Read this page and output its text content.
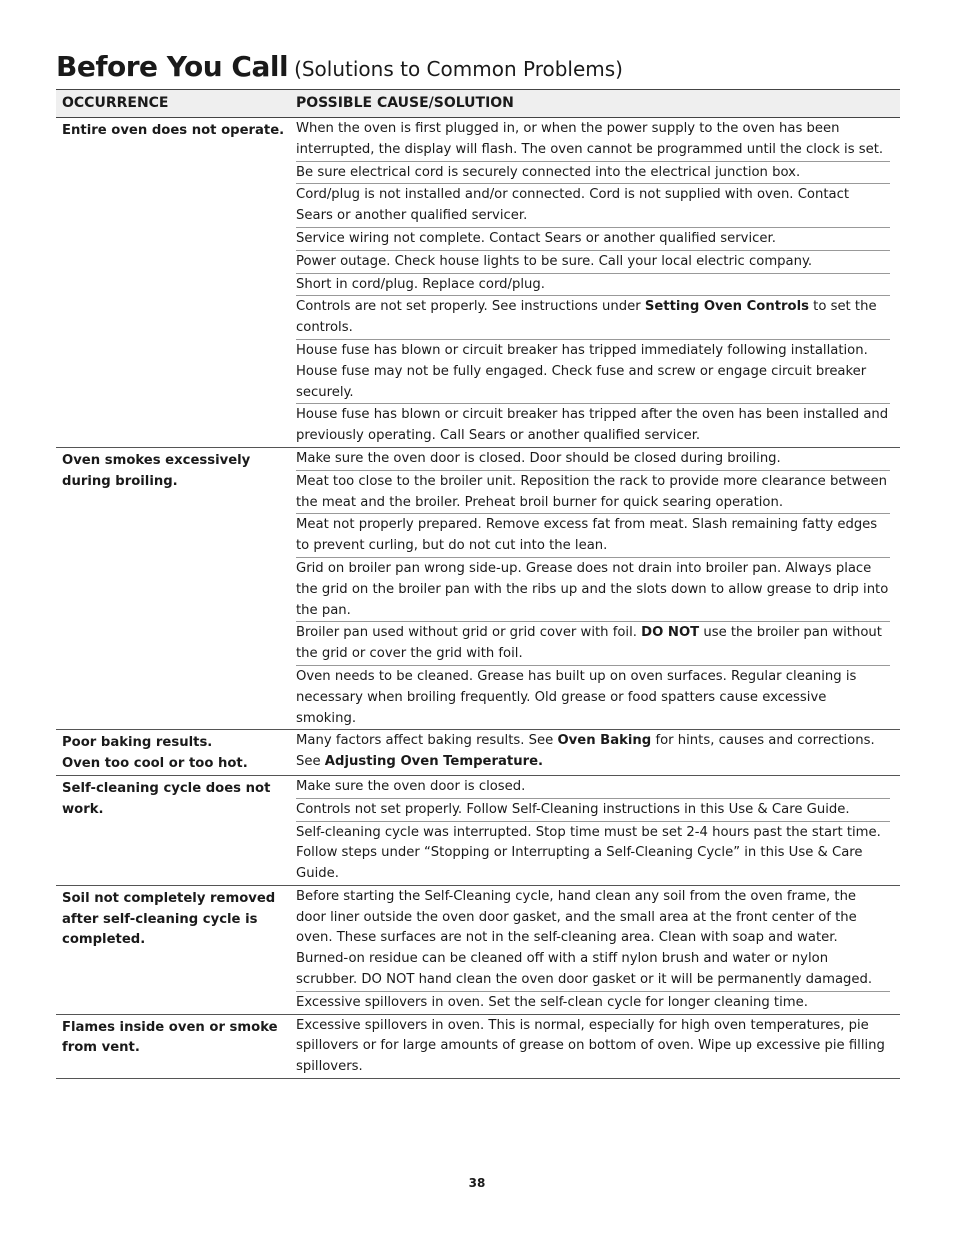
Before You Call (Solutions to Common Problems)
OCCURRENCE	POSSIBLE CAUSE/SOLUTION
Entire oven does not operate. When the oven is first plugged in, or when the power supply to the oven has been interrupted, the display will flash. The oven cannot be programmed until the clock is set.
Be sure electrical cord is securely connected into the electrical junction box.
Cord/plug is not installed and/or connected. Cord is not supplied with oven. Contact Sears or another qualified servicer.
Service wiring not complete. Contact Sears or another qualified servicer.
Power outage. Check house lights to be sure. Call your local electric company.
Short in cord/plug. Replace cord/plug.
Controls are not set properly. See instructions under Setting Oven Controls to set the controls.
House fuse has blown or circuit breaker has tripped immediately following installation. House fuse may not be fully engaged. Check fuse and screw or engage circuit breaker securely.
House fuse has blown or circuit breaker has tripped after the oven has been installed and previously operating. Call Sears or another qualified servicer.
Oven smokes excessively
during broiling.
Make sure the oven door is closed. Door should be closed during broiling.
Meat too close to the broiler unit. Reposition the rack to provide more clearance between the meat and the broiler. Preheat broil burner for quick searing operation.
Meat not properly prepared. Remove excess fat from meat. Slash remaining fatty edges to prevent curling, but do not cut into the lean.
Grid on broiler pan wrong side-up. Grease does not drain into broiler pan. Always place the grid on the broiler pan with the ribs up and the slots down to allow grease to drip into the pan.
Broiler pan used without grid or grid cover with foil. DO NOT use the broiler pan without the grid or cover the grid with foil.
Oven needs to be cleaned. Grease has built up on oven surfaces. Regular cleaning is necessary when broiling frequently. Old grease or food spatters cause excessive smoking.
Poor baking results.
Oven too cool or too hot.
Many factors affect baking results. See Oven Baking for hints, causes and corrections. See Adjusting Oven Temperature.
Self-cleaning cycle does not
work.
Make sure the oven door is closed.
Controls not set properly. Follow Self-Cleaning instructions in this Use & Care Guide.
Self-cleaning cycle was interrupted. Stop time must be set 2-4 hours past the start time. Follow steps under “Stopping or Interrupting a Self-Cleaning Cycle” in this Use & Care Guide.
Soil not completely removed
after self-cleaning cycle is
completed.
Before starting the Self-Cleaning cycle, hand clean any soil from the oven frame, the door liner outside the oven door gasket, and the small area at the front center of the oven. These surfaces are not in the self-cleaning area. Clean with soap and water. Burned-on residue can be cleaned off with a stiff nylon brush and water or nylon scrubber. DO NOT hand clean the oven door gasket or it will be permanently damaged.
Excessive spillovers in oven. Set the self-clean cycle for longer cleaning time.
Flames inside oven or smoke
from vent.
Excessive spillovers in oven. This is normal, especially for high oven temperatures, pie spillovers or for large amounts of grease on bottom of oven. Wipe up excessive pie filling spillovers.
38
